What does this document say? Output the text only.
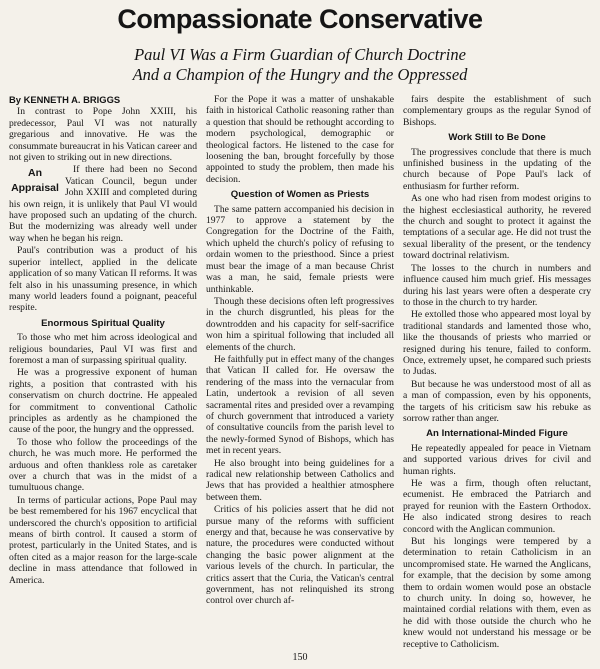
Compassionate Conservative
Paul VI Was a Firm Guardian of Church Doctrine
And a Champion of the Hungry and the Oppressed
By KENNETH A. BRIGGS

In contrast to Pope John XXIII, his predecessor, Paul VI was not naturally gregarious and innovative. He was the consummate bureaucrat in his Vatican career and not given to striking out in new directions.

An
Appraisal

If there had been no Second Vatican Council, begun under John XXIII and completed during his own reign, it is unlikely that Paul VI would have proposed such an updating of the church. But the modernizing was already well under way when he began his reign.

Paul's contribution was a product of his superior intellect, applied in the delicate application of so many Vatican II reforms. It was felt also in his unassuming presence, in which many world leaders found a poignant, peaceful respite.

Enormous Spiritual Quality

To those who met him across ideological and religious boundaries, Paul VI was first and foremost a man of surpassing spiritual quality.

He was a progressive exponent of human rights, a position that contrasted with his conservatism on church doctrine. He appealed for commitment to conventional Catholic principles as ardently as he championed the cause of the poor, the hungry and the oppressed.

To those who follow the proceedings of the church, he was much more. He performed the arduous and often thankless role as caretaker over a church that was in the midst of a tumultuous change.

In terms of particular actions, Pope Paul may be best remembered for his 1967 encyclical that underscored the church's opposition to artificial means of birth control. It caused a storm of protest, particularly in the United States, and is often cited as a major reason for the large-scale decline in mass attendance that followed in America.

For the Pope it was a matter of unshakable faith in historical Catholic reasoning rather than a question that should be rethought according to modern psychological, demographic or theological factors. He listened to the case for loosening the ban, brought forcefully by those appointed to study the problem, then made his decision.

Question of Women as Priests

The same pattern accompanied his decision in 1977 to approve a statement by the Congregation for the Doctrine of the Faith, which upheld the church's policy of refusing to ordain women to the priesthood. Since a priest must bear the image of a man because Christ was a man, he said, female priests were unthinkable.

Though these decisions often left progressives in the church disgruntled, his pleas for the downtrodden and his capacity for self-sacrifice won him a spiritual following that included all elements of the church.

He faithfully put in effect many of the changes that Vatican II called for. He oversaw the rendering of the mass into the vernacular from Latin, undertook a revision of all seven sacramental rites and presided over a revamping of church government that introduced a variety of consultative councils from the parish level to the newly-formed Synod of Bishops, which has met in recent years.

He also brought into being guidelines for a radical new relationship between Catholics and Jews that has provided a healthier atmosphere between them.

Critics of his policies assert that he did not pursue many of the reforms with sufficient energy and that, because he was conservative by nature, the procedures were conducted without changing the basic power alignment at the various levels of the church. In particular, the critics assert that the Curia, the Vatican's central government, has not relinquished its strong control over church af-

fairs despite the establishment of such complementary groups as the regular Synod of Bishops.

Work Still to Be Done

The progressives conclude that there is much unfinished business in the updating of the church because of Pope Paul's lack of enthusiasm for further reform.

As one who had risen from modest origins to the highest ecclesiastical authority, he revered the church and sought to protect it against the temptations of a secular age. He did not trust the sexual liberality of the present, or the tendency toward doctrinal relativism.

The losses to the church in numbers and influence caused him much grief. His messages during his last years were often a desperate cry to those in the church to try harder.

He extolled those who appeared most loyal by traditional standards and lamented those who, like the thousands of priests who married or resigned during his tenure, failed to conform. Once, extremely upset, he compared such priests to Judas.

But because he was understood most of all as a man of compassion, even by his opponents, the targets of his criticism saw his rebuke as sorrow rather than anger.

An International-Minded Figure

He repeatedly appealed for peace in Vietnam and supported various drives for civil and human rights.

He was a firm, though often reluctant, ecumenist. He embraced the Patriarch and prayed for reunion with the Eastern Orthodox. He also indicated strong desires to reach concord with the Anglican communion.

But his longings were tempered by a determination to retain Catholicism in an uncompromised state. He warned the Anglicans, for example, that the decision by some among them to ordain women would pose an obstacle to church unity. In doing so, however, he maintained cordial relations with them, even as he did with those outside the church who he knew would not understand his message or be receptive to Catholicism.

150
